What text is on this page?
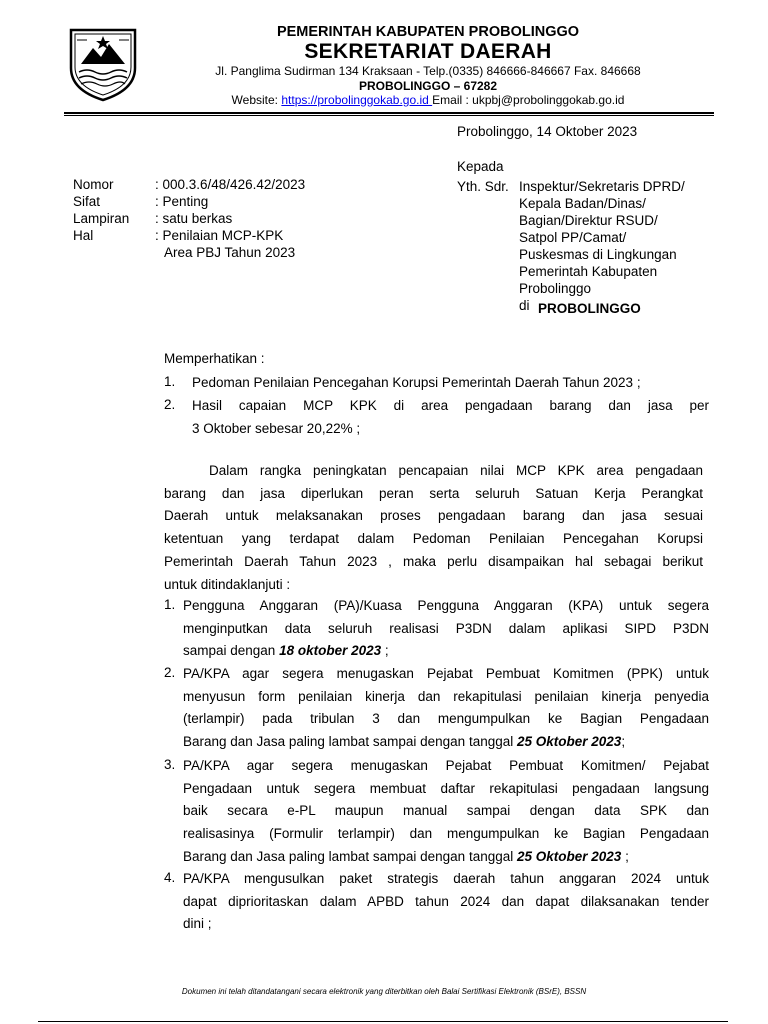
PEMERINTAH KABUPATEN PROBOLINGGO
SEKRETARIAT DAERAH
Jl. Panglima Sudirman 134 Kraksaan - Telp.(0335) 846666-846667 Fax. 846668
PROBOLINGGO – 67282
Website: https://probolinggokab.go.id Email : ukpbj@probolinggokab.go.id
Probolinggo, 14 Oktober 2023
Kepada
Yth. Sdr. Inspektur/Sekretaris DPRD/
Kepala Badan/Dinas/
Bagian/Direktur RSUD/
Satpol PP/Camat/
Puskesmas di Lingkungan
Pemerintah Kabupaten
Probolinggo
di PROBOLINGGO
Nomor	: 000.3.6/48/426.42/2023
Sifat	: Penting
Lampiran : satu berkas
Hal	: Penilaian MCP-KPK
Area PBJ Tahun 2023
Memperhatikan :
1. Pedoman Penilaian Pencegahan Korupsi Pemerintah Daerah Tahun 2023 ;
2. Hasil capaian MCP KPK di area pengadaan barang dan jasa per
3 Oktober sebesar 20,22% ;
Dalam rangka peningkatan pencapaian nilai MCP KPK area pengadaan
barang dan jasa diperlukan peran serta seluruh Satuan Kerja Perangkat
Daerah untuk melaksanakan proses pengadaan barang dan jasa sesuai
ketentuan yang terdapat dalam Pedoman Penilaian Pencegahan Korupsi
Pemerintah Daerah Tahun 2023 , maka perlu disampaikan hal sebagai berikut
untuk ditindaklanjuti :
1. Pengguna Anggaran (PA)/Kuasa Pengguna Anggaran (KPA) untuk segera
menginputkan data seluruh realisasi P3DN dalam aplikasi SIPD P3DN
sampai dengan 18 oktober 2023 ;
2. PA/KPA agar segera menugaskan Pejabat Pembuat Komitmen (PPK) untuk
menyusun form penilaian kinerja dan rekapitulasi penilaian kinerja penyedia
(terlampir) pada tribulan 3 dan mengumpulkan ke Bagian Pengadaan
Barang dan Jasa paling lambat sampai dengan tanggal 25 Oktober 2023;
3. PA/KPA agar segera menugaskan Pejabat Pembuat Komitmen/ Pejabat
Pengadaan untuk segera membuat daftar rekapitulasi pengadaan langsung
baik secara e-PL maupun manual sampai dengan data SPK dan
realisasinya (Formulir terlampir) dan mengumpulkan ke Bagian Pengadaan
Barang dan Jasa paling lambat sampai dengan tanggal 25 Oktober 2023 ;
4. PA/KPA mengusulkan paket strategis daerah tahun anggaran 2024 untuk
dapat diprioritaskan dalam APBD tahun 2024 dan dapat dilaksanakan tender
dini ;
Dokumen ini telah ditandatangani secara elektronik yang diterbitkan oleh Balai Sertifikasi Elektronik (BSrE), BSSN
